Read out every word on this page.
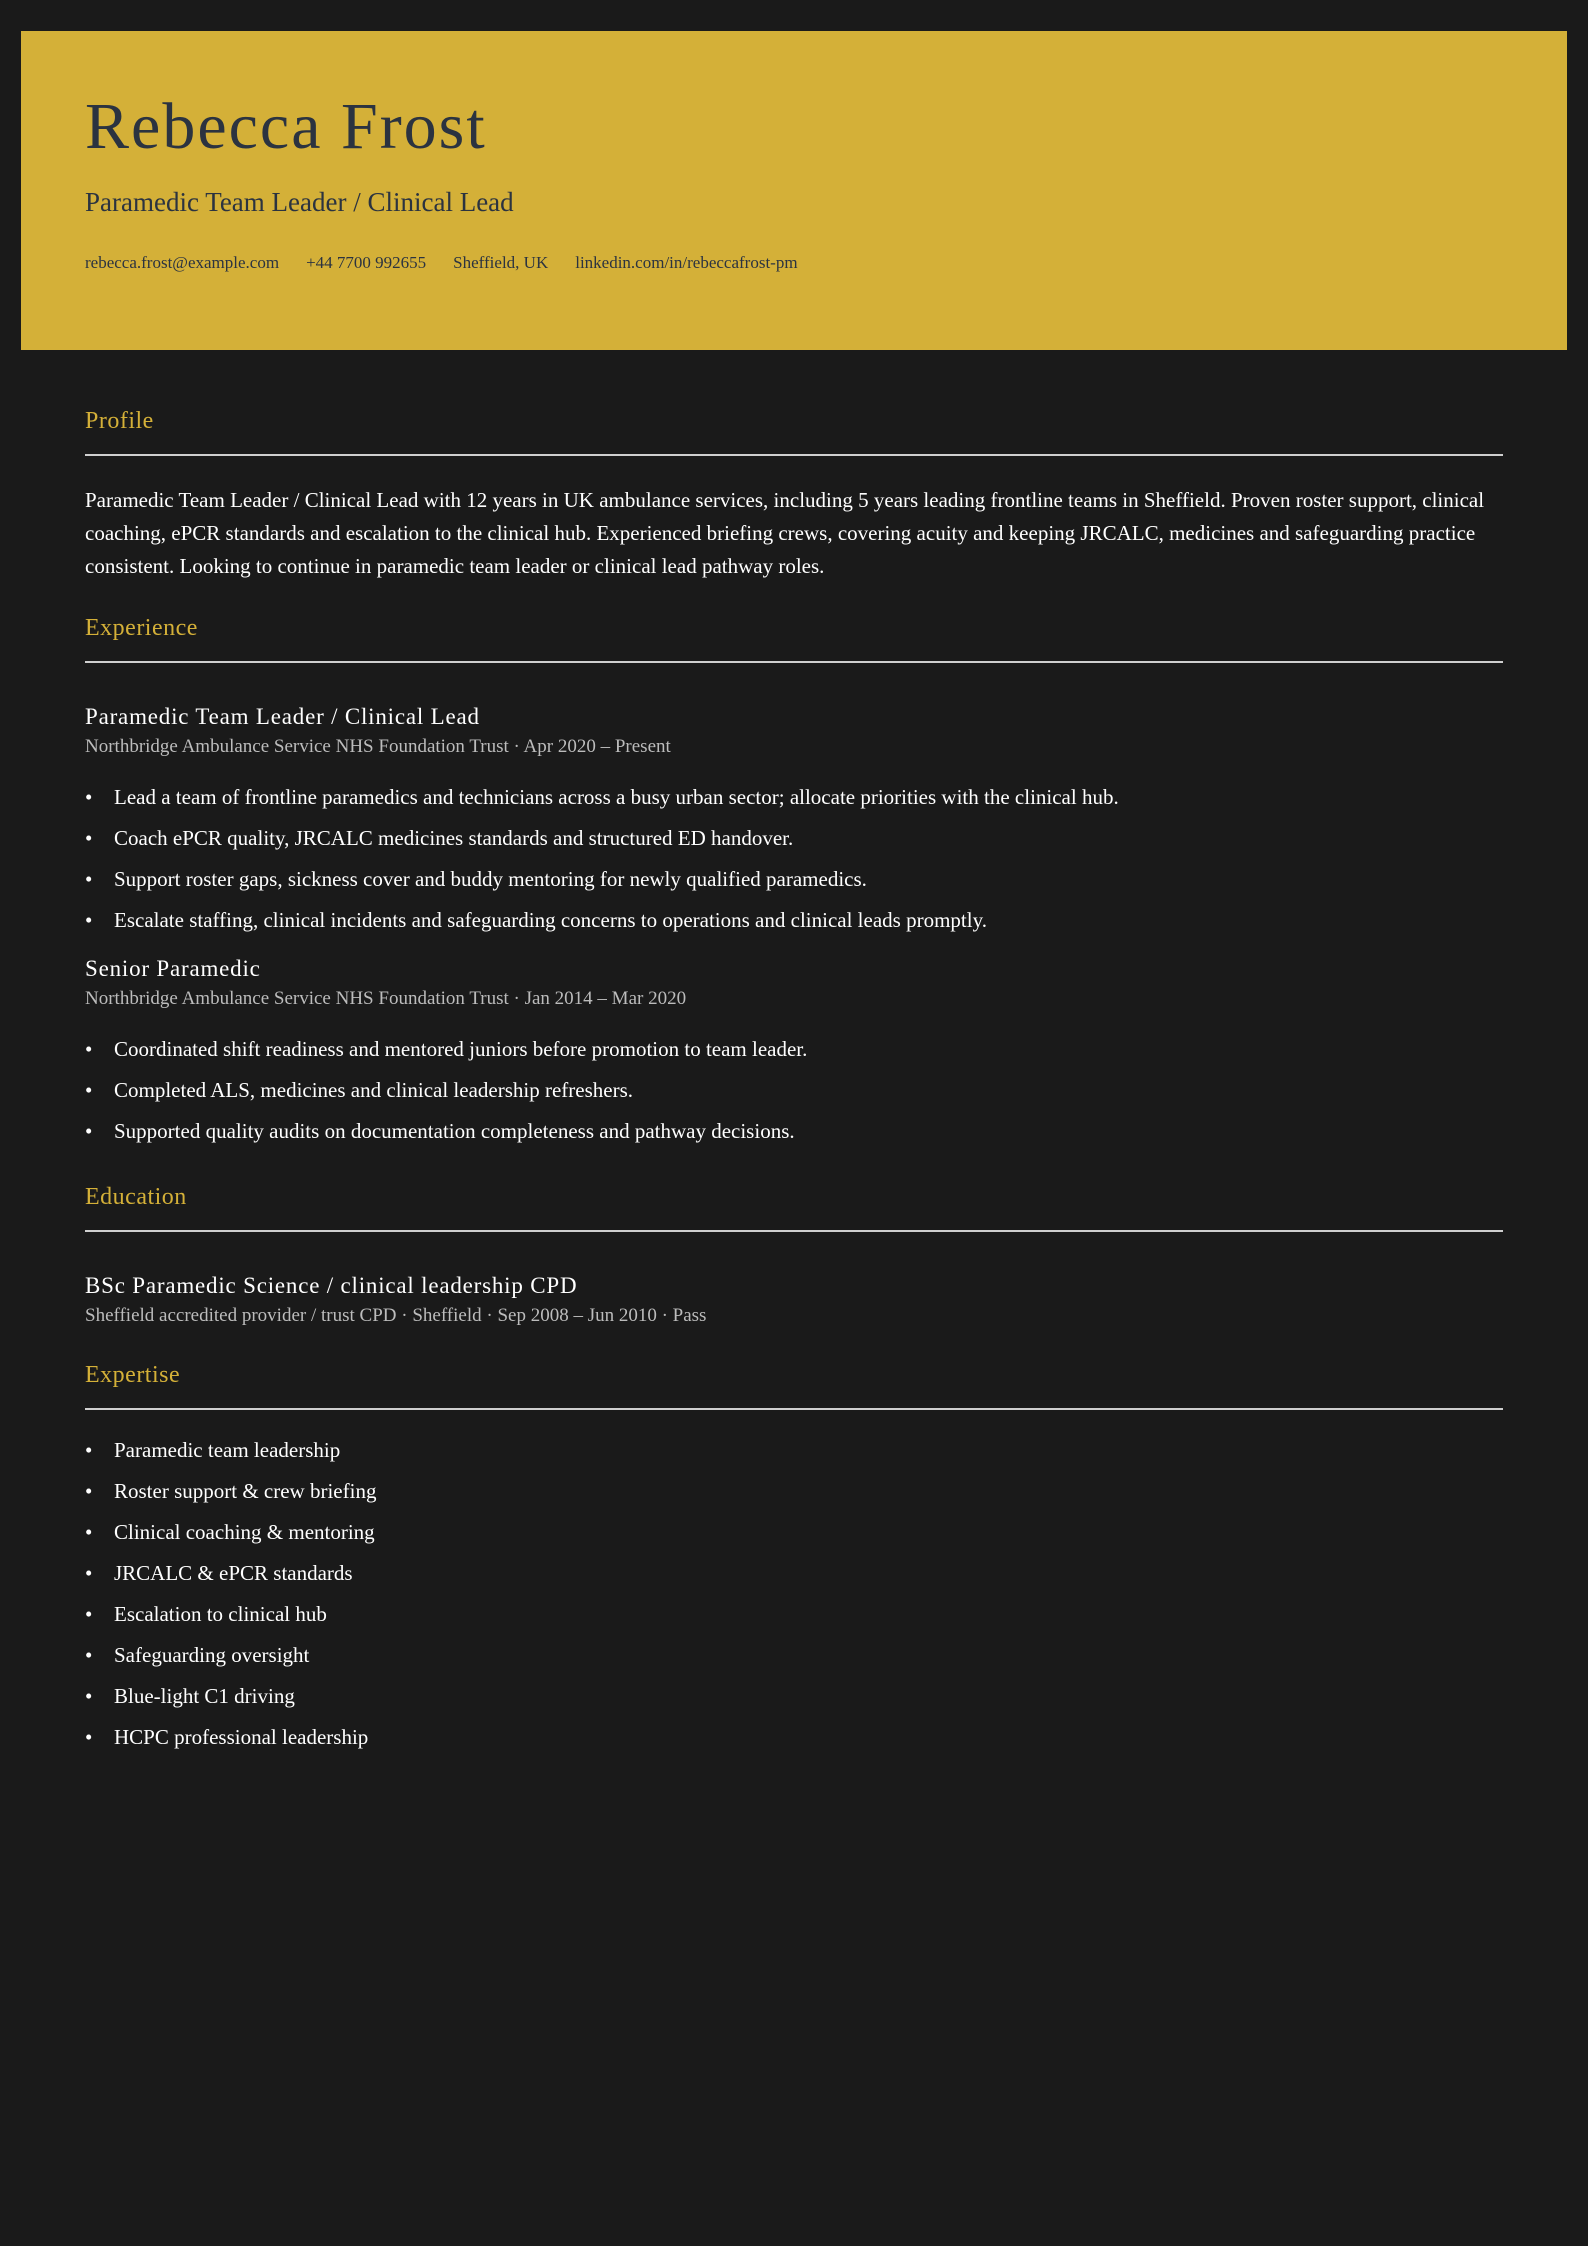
Rebecca Frost
Paramedic Team Leader / Clinical Lead
rebecca.frost@example.com +44 7700 992655 Sheffield, UK linkedin.com/in/rebeccafrost-pm
Profile

Paramedic Team Leader / Clinical Lead with 12 years in UK ambulance services, including 5 years leading frontline teams in Sheffield. Proven roster support, clinical coaching, ePCR standards and escalation to the clinical hub. Experienced briefing crews, covering acuity and keeping JRCALC, medicines and safeguarding practice consistent. Looking to continue in paramedic team leader or clinical lead pathway roles.

Experience
Paramedic Team Leader / Clinical Lead

Northbridge Ambulance Service NHS Foundation Trust · Apr 2020 – Present

• Lead a team of frontline paramedics and technicians across a busy urban sector; allocate priorities with the clinical hub.
• Coach ePCR quality, JRCALC medicines standards and structured ED handover.
• Support roster gaps, sickness cover and buddy mentoring for newly qualified paramedics.
• Escalate staffing, clinical incidents and safeguarding concerns to operations and clinical leads promptly.
Senior Paramedic

Northbridge Ambulance Service NHS Foundation Trust · Jan 2014 – Mar 2020

• Coordinated shift readiness and mentored juniors before promotion to team leader.
• Completed ALS, medicines and clinical leadership refreshers.
• Supported quality audits on documentation completeness and pathway decisions.
Education
BSc Paramedic Science / clinical leadership CPD

Sheffield accredited provider / trust CPD · Sheffield · Sep 2008 – Jun 2010 · Pass

Expertise
• Paramedic team leadership
• Roster support & crew briefing
• Clinical coaching & mentoring
• JRCALC & ePCR standards
• Escalation to clinical hub
• Safeguarding oversight
• Blue-light C1 driving
• HCPC professional leadership
